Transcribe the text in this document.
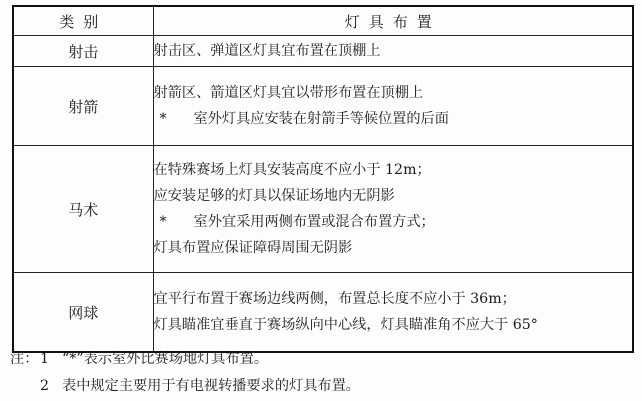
类别	灯具布置
射击	射击区、弹道区灯具宜布置在顶棚上

射箭	射箭区、箭道区灯具宜以带形布置在顶棚上
* 室外灯具应安装在射箭手等候位置的后面

马术	在特殊赛场上灯具安装高度不应小于 12m；
应安装足够的灯具以保证场地内无阴影
* 室外宜采用两侧布置或混合布置方式；
灯具布置应保证障碍周围无阴影

网球	宜平行布置于赛场边线两侧，布置总长度不应小于 36m；
灯具瞄准宜垂直于赛场纵向中心线，灯具瞄准角不应大于 65°
注： 1 “*”表示室外比赛场地灯具布置。
2 表中规定主要用于有电视转播要求的灯具布置。
